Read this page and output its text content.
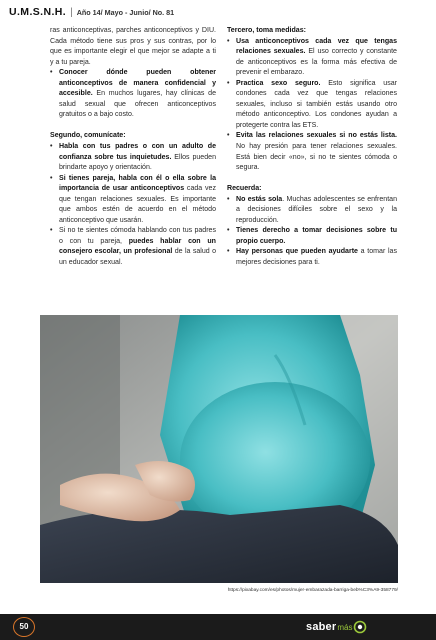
U.M.S.N.H. | Año 14/ Mayo - Junio/ No. 81

ras anticonceptivas, parches anticonceptivos y DIU. Cada método tiene sus pros y sus contras, por lo que es importante elegir el que mejor se adapte a ti y a tu pareja.

• Conocer dónde pueden obtener anticonceptivos de manera confidencial y accesible. En muchos lugares, hay clínicas de salud sexual que ofrecen anticonceptivos gratuitos o a bajo costo.

Segundo, comunícate:

• Habla con tus padres o con un adulto de confianza sobre tus inquietudes. Ellos pueden brindarte apoyo y orientación.
• Si tienes pareja, habla con él o ella sobre la importancia de usar anticonceptivos cada vez que tengan relaciones sexuales. Es importante que ambos estén de acuerdo en el método anticonceptivo que usarán.
• Si no te sientes cómoda hablando con tus padres o con tu pareja, puedes hablar con un consejero escolar, un profesional de la salud o un educador sexual.

Tercero, toma medidas:

• Usa anticonceptivos cada vez que tengas relaciones sexuales. El uso correcto y constante de anticonceptivos es la forma más efectiva de prevenir el embarazo.
• Practica sexo seguro. Esto significa usar condones cada vez que tengas relaciones sexuales, incluso si también estás usando otro método anticonceptivo. Los condones ayudan a protegerte contra las ETS.
• Evita las relaciones sexuales si no estás lista. No hay presión para tener relaciones sexuales. Está bien decir «no», si no te sientes cómoda o segura.

Recuerda:

• No estás sola. Muchas adolescentes se enfrentan a decisiones difíciles sobre el sexo y la reproducción.
• Tienes derecho a tomar decisiones sobre tu propio cuerpo.
• Hay personas que pueden ayudarte a tomar las mejores decisiones para ti.
https://pixabay.com/es/photos/mujer-embarazada-barriga-beb%C3%A9-358779/
50	saber más
